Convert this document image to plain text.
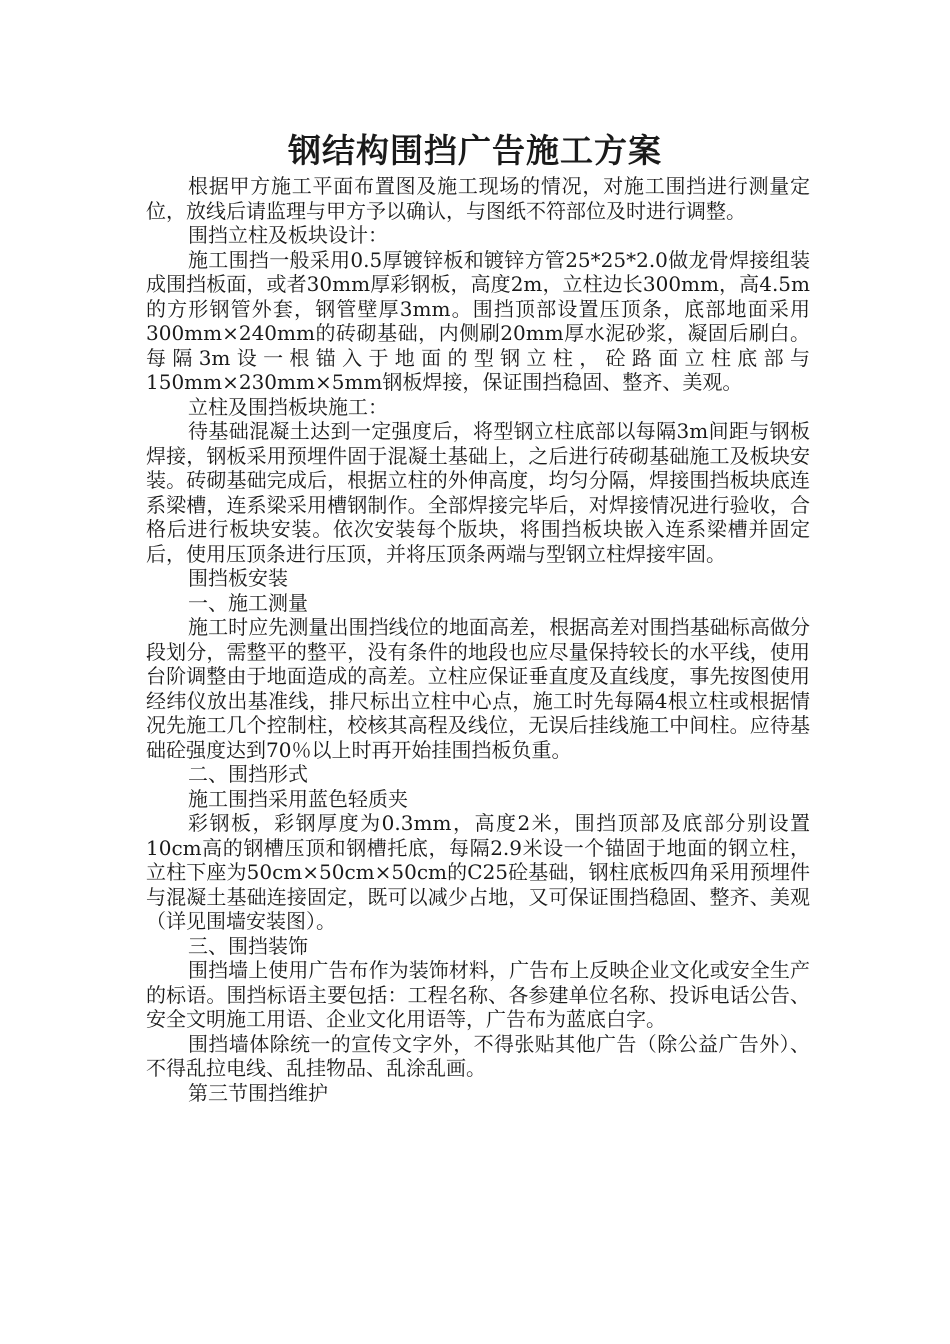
钢结构围挡广告施工方案

根据甲方施工平面布置图及施工现场的情况，对施工围挡进行测量定位，放线后请监理与甲方予以确认，与图纸不符部位及时进行调整。

围挡立柱及板块设计：

施工围挡一般采用0.5厚镀锌板和镀锌方管25*25*2.0做龙骨焊接组装成围挡板面，或者30mm厚彩钢板，高度2m，立柱边长300mm，高4.5m的方形钢管外套，钢管壁厚3mm。围挡顶部设置压顶条，底部地面采用300mm×240mm的砖砌基础，内侧刷20mm厚水泥砂浆，凝固后刷白。每隔3m设一根锚入于地面的型钢立柱，砼路面立柱底部与150mm×230mm×5mm钢板焊接，保证围挡稳固、整齐、美观。

立柱及围挡板块施工：

待基础混凝土达到一定强度后，将型钢立柱底部以每隔3m间距与钢板焊接，钢板采用预埋件固于混凝土基础上，之后进行砖砌基础施工及板块安装。砖砌基础完成后，根据立柱的外伸高度，均匀分隔，焊接围挡板块底连系梁槽，连系梁采用槽钢制作。全部焊接完毕后，对焊接情况进行验收，合格后进行板块安装。依次安装每个版块，将围挡板块嵌入连系梁槽并固定后，使用压顶条进行压顶，并将压顶条两端与型钢立柱焊接牢固。

围挡板安装

一、施工测量

施工时应先测量出围挡线位的地面高差，根据高差对围挡基础标高做分段划分，需整平的整平，没有条件的地段也应尽量保持较长的水平线，使用台阶调整由于地面造成的高差。立柱应保证垂直度及直线度，事先按图使用经纬仪放出基准线，排尺标出立柱中心点，施工时先每隔4根立柱或根据情况先施工几个控制柱，校核其高程及线位，无误后挂线施工中间柱。应待基础砼强度达到70％以上时再开始挂围挡板负重。

二、围挡形式

施工围挡采用蓝色轻质夹

彩钢板，彩钢厚度为0.3mm，高度2米，围挡顶部及底部分别设置10cm高的钢槽压顶和钢槽托底，每隔2.9米设一个锚固于地面的钢立柱，立柱下座为50cm×50cm×50cm的C25砼基础，钢柱底板四角采用预埋件与混凝土基础连接固定，既可以减少占地，又可保证围挡稳固、整齐、美观（详见围墙安装图）。

三、围挡装饰

围挡墙上使用广告布作为装饰材料，广告布上反映企业文化或安全生产的标语。围挡标语主要包括：工程名称、各参建单位名称、投诉电话公告、安全文明施工用语、企业文化用语等，广告布为蓝底白字。

围挡墙体除统一的宣传文字外，不得张贴其他广告（除公益广告外）、不得乱拉电线、乱挂物品、乱涂乱画。

第三节围挡维护
